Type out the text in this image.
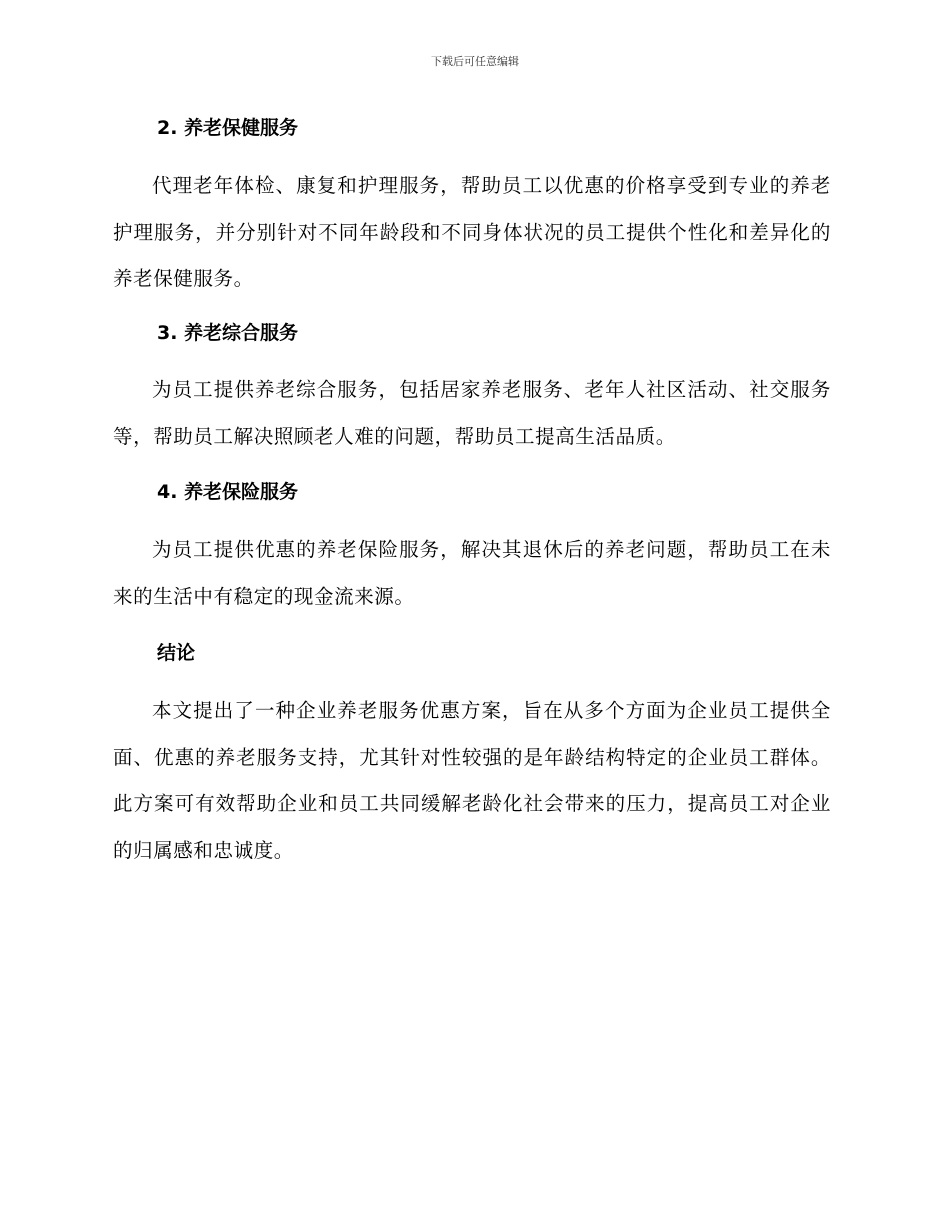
下载后可任意编辑
2. 养老保健服务

代理老年体检、康复和护理服务，帮助员工以优惠的价格享受到专业的养老护理服务，并分别针对不同年龄段和不同身体状况的员工提供个性化和差异化的养老保健服务。

3. 养老综合服务

为员工提供养老综合服务，包括居家养老服务、老年人社区活动、社交服务等，帮助员工解决照顾老人难的问题，帮助员工提高生活品质。

4. 养老保险服务

为员工提供优惠的养老保险服务，解决其退休后的养老问题，帮助员工在未来的生活中有稳定的现金流来源。

结论

本文提出了一种企业养老服务优惠方案，旨在从多个方面为企业员工提供全面、优惠的养老服务支持，尤其针对性较强的是年龄结构特定的企业员工群体。此方案可有效帮助企业和员工共同缓解老龄化社会带来的压力，提高员工对企业的归属感和忠诚度。
